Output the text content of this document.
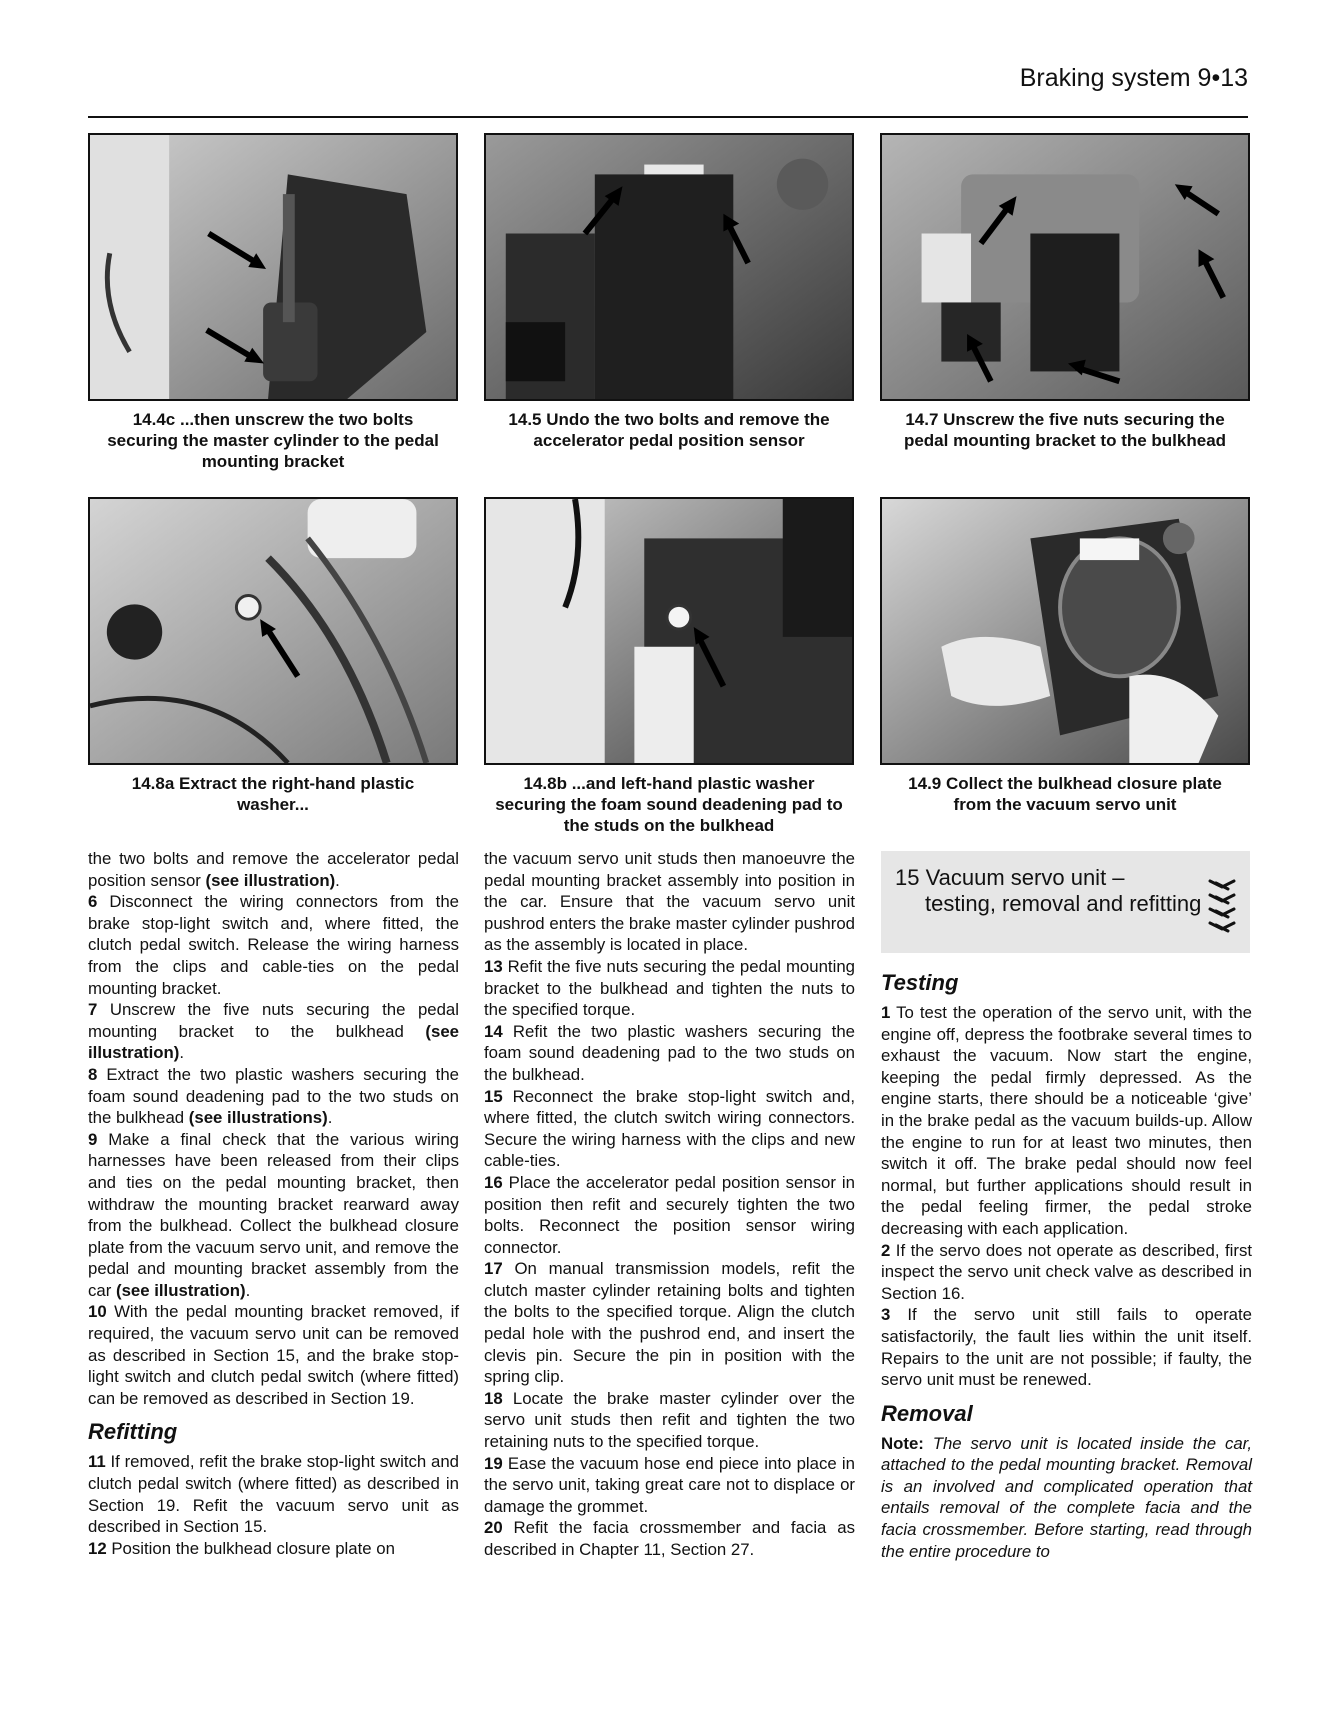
Braking system 9•13
14.4c ...then unscrew the two bolts securing the master cylinder to the pedal mounting bracket
14.5 Undo the two bolts and remove the accelerator pedal position sensor
14.7 Unscrew the five nuts securing the pedal mounting bracket to the bulkhead
14.8a Extract the right-hand plastic washer...
14.8b ...and left-hand plastic washer securing the foam sound deadening pad to the studs on the bulkhead
14.9 Collect the bulkhead closure plate from the vacuum servo unit

the two bolts and remove the accelerator pedal position sensor (see illustration).

6 Disconnect the wiring connectors from the brake stop-light switch and, where fitted, the clutch pedal switch. Release the wiring harness from the clips and cable-ties on the pedal mounting bracket.

7 Unscrew the five nuts securing the pedal mounting bracket to the bulkhead (see illustration).

8 Extract the two plastic washers securing the foam sound deadening pad to the two studs on the bulkhead (see illustrations).

9 Make a final check that the various wiring harnesses have been released from their clips and ties on the pedal mounting bracket, then withdraw the mounting bracket rearward away from the bulkhead. Collect the bulkhead closure plate from the vacuum servo unit, and remove the pedal and mounting bracket assembly from the car (see illustration).

10 With the pedal mounting bracket removed, if required, the vacuum servo unit can be removed as described in Section 15, and the brake stop-light switch and clutch pedal switch (where fitted) can be removed as described in Section 19.

Refitting

11 If removed, refit the brake stop-light switch and clutch pedal switch (where fitted) as described in Section 19. Refit the vacuum servo unit as described in Section 15.

12 Position the bulkhead closure plate on

the vacuum servo unit studs then manoeuvre the pedal mounting bracket assembly into position in the car. Ensure that the vacuum servo unit pushrod enters the brake master cylinder pushrod as the assembly is located in place.

13 Refit the five nuts securing the pedal mounting bracket to the bulkhead and tighten the nuts to the specified torque.

14 Refit the two plastic washers securing the foam sound deadening pad to the two studs on the bulkhead.

15 Reconnect the brake stop-light switch and, where fitted, the clutch switch wiring connectors. Secure the wiring harness with the clips and new cable-ties.

16 Place the accelerator pedal position sensor in position then refit and securely tighten the two bolts. Reconnect the position sensor wiring connector.

17 On manual transmission models, refit the clutch master cylinder retaining bolts and tighten the bolts to the specified torque. Align the clutch pedal hole with the pushrod end, and insert the clevis pin. Secure the pin in position with the spring clip.

18 Locate the brake master cylinder over the servo unit studs then refit and tighten the two retaining nuts to the specified torque.

19 Ease the vacuum hose end piece into place in the servo unit, taking great care not to displace or damage the grommet.

20 Refit the facia crossmember and facia as described in Chapter 11, Section 27.

15 Vacuum servo unit –
testing, removal and refitting
Testing

1 To test the operation of the servo unit, with the engine off, depress the footbrake several times to exhaust the vacuum. Now start the engine, keeping the pedal firmly depressed. As the engine starts, there should be a noticeable ‘give’ in the brake pedal as the vacuum builds-up. Allow the engine to run for at least two minutes, then switch it off. The brake pedal should now feel normal, but further applications should result in the pedal feeling firmer, the pedal stroke decreasing with each application.

2 If the servo does not operate as described, first inspect the servo unit check valve as described in Section 16.

3 If the servo unit still fails to operate satisfactorily, the fault lies within the unit itself. Repairs to the unit are not possible; if faulty, the servo unit must be renewed.

Removal

Note: The servo unit is located inside the car, attached to the pedal mounting bracket. Removal is an involved and complicated operation that entails removal of the complete facia and the facia crossmember. Before starting, read through the entire procedure to
